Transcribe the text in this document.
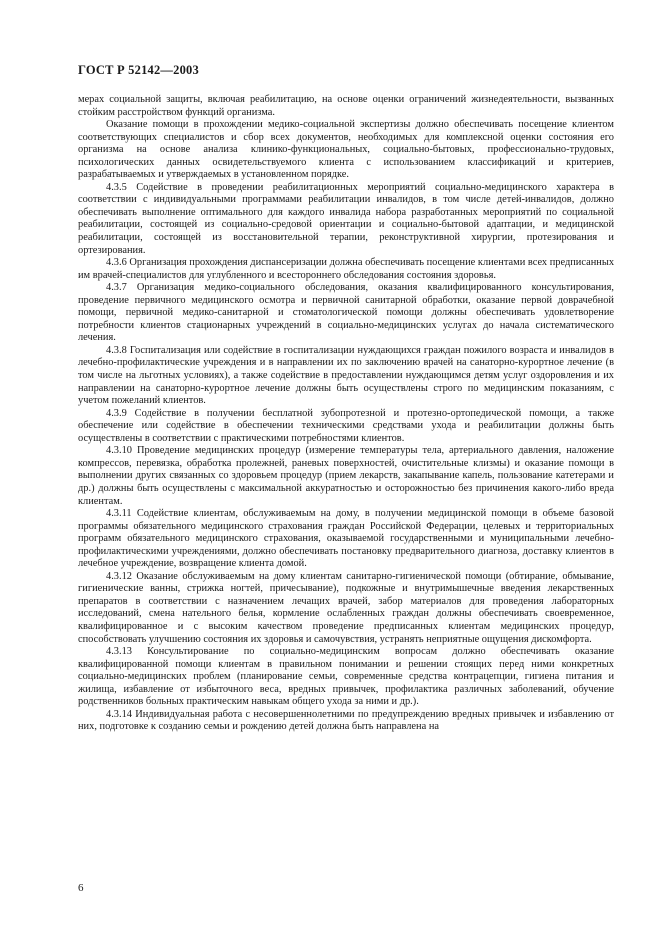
ГОСТ Р 52142—2003

мерах социальной защиты, включая реабилитацию, на основе оценки ограничений жизнедеятельности, вызванных стойким расстройством функций организма.

Оказание помощи в прохождении медико-социальной экспертизы должно обеспечивать посещение клиентом соответствующих специалистов и сбор всех документов, необходимых для комплексной оценки состояния его организма на основе анализа клинико-функциональных, социально-бытовых, профессионально-трудовых, психологических данных освидетельствуемого клиента с использованием классификаций и критериев, разрабатываемых и утверждаемых в установленном порядке.

4.3.5 Содействие в проведении реабилитационных мероприятий социально-медицинского характера в соответствии с индивидуальными программами реабилитации инвалидов, в том числе детей-инвалидов, должно обеспечивать выполнение оптимального для каждого инвалида набора разработанных мероприятий по социальной реабилитации, состоящей из социально-средовой ориентации и социально-бытовой адаптации, и медицинской реабилитации, состоящей из восстановительной терапии, реконструктивной хирургии, протезирования и ортезирования.

4.3.6 Организация прохождения диспансеризации должна обеспечивать посещение клиентами всех предписанных им врачей-специалистов для углубленного и всестороннего обследования состояния здоровья.

4.3.7 Организация медико-социального обследования, оказания квалифицированного консультирования, проведение первичного медицинского осмотра и первичной санитарной обработки, оказание первой доврачебной помощи, первичной медико-санитарной и стоматологической помощи должны обеспечивать удовлетворение потребности клиентов стационарных учреждений в социально-медицинских услугах до начала систематического лечения.

4.3.8 Госпитализация или содействие в госпитализации нуждающихся граждан пожилого возраста и инвалидов в лечебно-профилактические учреждения и в направлении их по заключению врачей на санаторно-курортное лечение (в том числе на льготных условиях), а также содействие в предоставлении нуждающимся детям услуг оздоровления и их направлении на санаторно-курортное лечение должны быть осуществлены строго по медицинским показаниям, с учетом пожеланий клиентов.

4.3.9 Содействие в получении бесплатной зубопротезной и протезно-ортопедической помощи, а также обеспечение или содействие в обеспечении техническими средствами ухода и реабилитации должны быть осуществлены в соответствии с практическими потребностями клиентов.

4.3.10 Проведение медицинских процедур (измерение температуры тела, артериального давления, наложение компрессов, перевязка, обработка пролежней, раневых поверхностей, очистительные клизмы) и оказание помощи в выполнении других связанных со здоровьем процедур (прием лекарств, закапывание капель, пользование катетерами и др.) должны быть осуществлены с максимальной аккуратностью и осторожностью без причинения какого-либо вреда клиентам.

4.3.11 Содействие клиентам, обслуживаемым на дому, в получении медицинской помощи в объеме базовой программы обязательного медицинского страхования граждан Российской Федерации, целевых и территориальных программ обязательного медицинского страхования, оказываемой государственными и муниципальными лечебно-профилактическими учреждениями, должно обеспечивать постановку предварительного диагноза, доставку клиентов в лечебное учреждение, возвращение клиента домой.

4.3.12 Оказание обслуживаемым на дому клиентам санитарно-гигиенической помощи (обтирание, обмывание, гигиенические ванны, стрижка ногтей, причесывание), подкожные и внутримышечные введения лекарственных препаратов в соответствии с назначением лечащих врачей, забор материалов для проведения лабораторных исследований, смена нательного белья, кормление ослабленных граждан должны обеспечивать своевременное, квалифицированное и с высоким качеством проведение предписанных клиентам медицинских процедур, способствовать улучшению состояния их здоровья и самочувствия, устранять неприятные ощущения дискомфорта.

4.3.13 Консультирование по социально-медицинским вопросам должно обеспечивать оказание квалифицированной помощи клиентам в правильном понимании и решении стоящих перед ними конкретных социально-медицинских проблем (планирование семьи, современные средства контрацепции, гигиена питания и жилища, избавление от избыточного веса, вредных привычек, профилактика различных заболеваний, обучение родственников больных практическим навыкам общего ухода за ними и др.).

4.3.14 Индивидуальная работа с несовершеннолетними по предупреждению вредных привычек и избавлению от них, подготовке к созданию семьи и рождению детей должна быть направлена на

6
